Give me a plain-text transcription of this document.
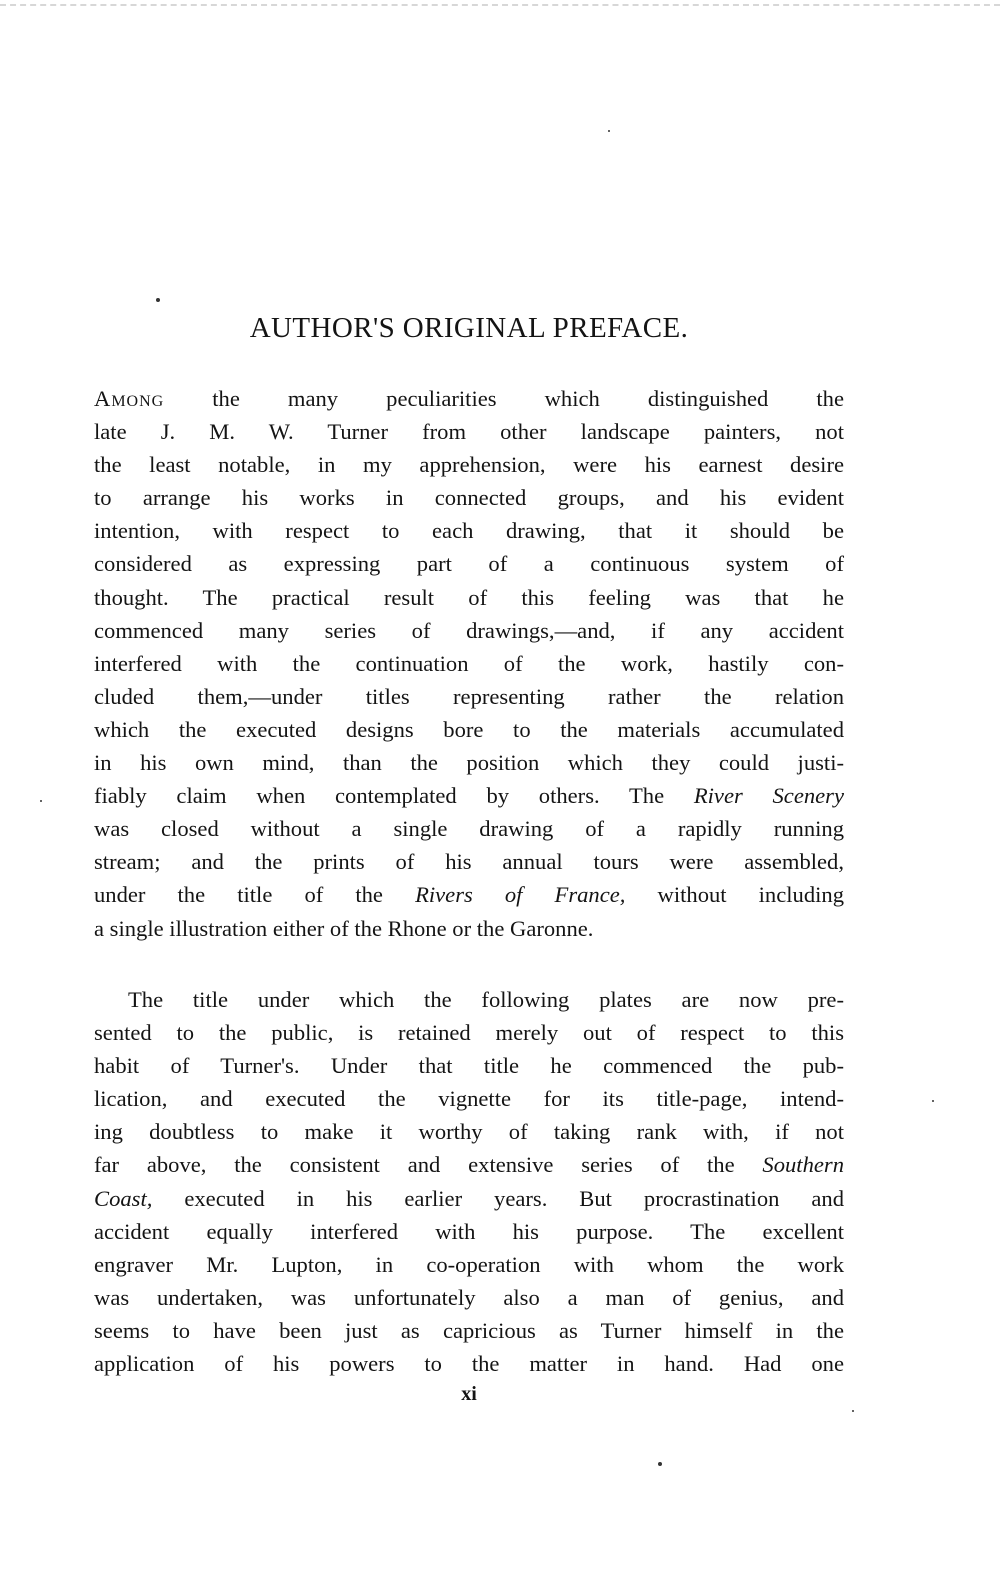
AUTHOR'S ORIGINAL PREFACE.
Among the many peculiarities which distinguished the
late J. M. W. Turner from other landscape painters, not
the least notable, in my apprehension, were his earnest desire
to arrange his works in connected groups, and his evident
intention, with respect to each drawing, that it should be
considered as expressing part of a continuous system of
thought. The practical result of this feeling was that he
commenced many series of drawings,—and, if any accident
interfered with the continuation of the work, hastily con-
cluded them,—under titles representing rather the relation
which the executed designs bore to the materials accumulated
in his own mind, than the position which they could justi-
fiably claim when contemplated by others. The River Scenery
was closed without a single drawing of a rapidly running
stream; and the prints of his annual tours were assembled,
under the title of the Rivers of France, without including
a single illustration either of the Rhone or the Garonne.
The title under which the following plates are now pre-
sented to the public, is retained merely out of respect to this
habit of Turner's. Under that title he commenced the pub-
lication, and executed the vignette for its title-page, intend-
ing doubtless to make it worthy of taking rank with, if not
far above, the consistent and extensive series of the Southern
Coast, executed in his earlier years. But procrastination and
accident equally interfered with his purpose. The excellent
engraver Mr. Lupton, in co-operation with whom the work
was undertaken, was unfortunately also a man of genius, and
seems to have been just as capricious as Turner himself in the
application of his powers to the matter in hand. Had one
xi
